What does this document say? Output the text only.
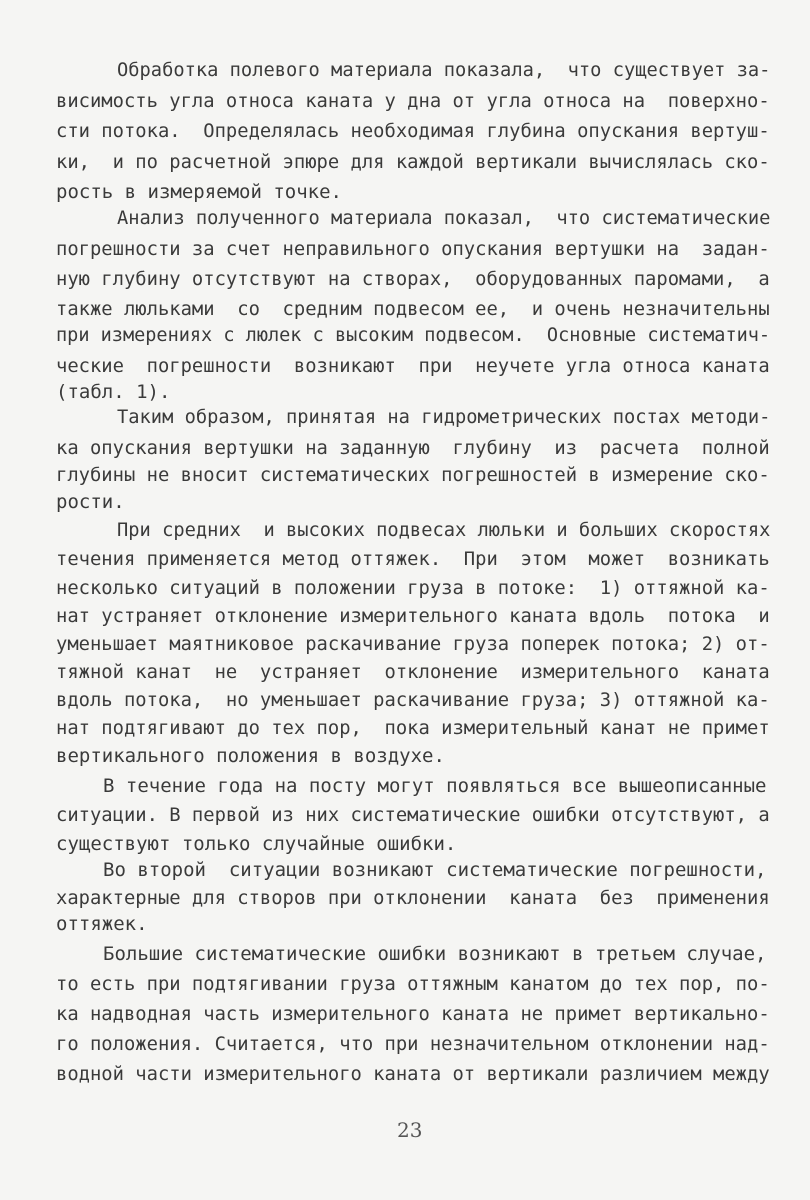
Обработка полевого материала показала,  что существует за-
висимость угла относа каната у дна от угла относа на  поверхно-
сти потока.  Определялась необходимая глубина опускания вертуш-
ки,  и по расчетной эпюре для каждой вертикали вычислялась ско-
рость в измеряемой точке.
Анализ полученного материала показал,  что систематические
погрешности за счет неправильного опускания вертушки на  задан-
ную глубину отсутствуют на створах,  оборудованных паромами,  а
также люльками  со  средним подвесом ее,  и очень незначительны
при измерениях с люлек с высоким подвесом.  Основные систематич-
ческие  погрешности  возникают  при  неучете угла относа каната
(табл. 1).
Таким образом, принятая на гидрометрических постах методи-
ка опускания вертушки на заданную  глубину  из  расчета  полной
глубины не вносит систематических погрешностей в измерение ско-
рости.
При средних  и высоких подвесах люльки и больших скоростях
течения применяется метод оттяжек.  При  этом  может  возникать
несколько ситуаций в положении груза в потоке:  1) оттяжной ка-
нат устраняет отклонение измерительного каната вдоль  потока  и
уменьшает маятниковое раскачивание груза поперек потока; 2) от-
тяжной канат  не  устраняет  отклонение  измерительного  каната
вдоль потока,  но уменьшает раскачивание груза; 3) оттяжной ка-
нат подтягивают до тех пор,  пока измерительный канат не примет
вертикального положения в воздухе.
В течение года на посту могут появляться все вышеописанные
ситуации. В первой из них систематические ошибки отсутствуют, а
существуют только случайные ошибки.
Во второй  ситуации возникают систематические погрешности,
характерные для створов при отклонении  каната  без  применения
оттяжек.
Большие систематические ошибки возникают в третьем случае,
то есть при подтягивании груза оттяжным канатом до тех пор, по-
ка надводная часть измерительного каната не примет вертикально-
го положения. Считается, что при незначительном отклонении над-
водной части измерительного каната от вертикали различием между
23
